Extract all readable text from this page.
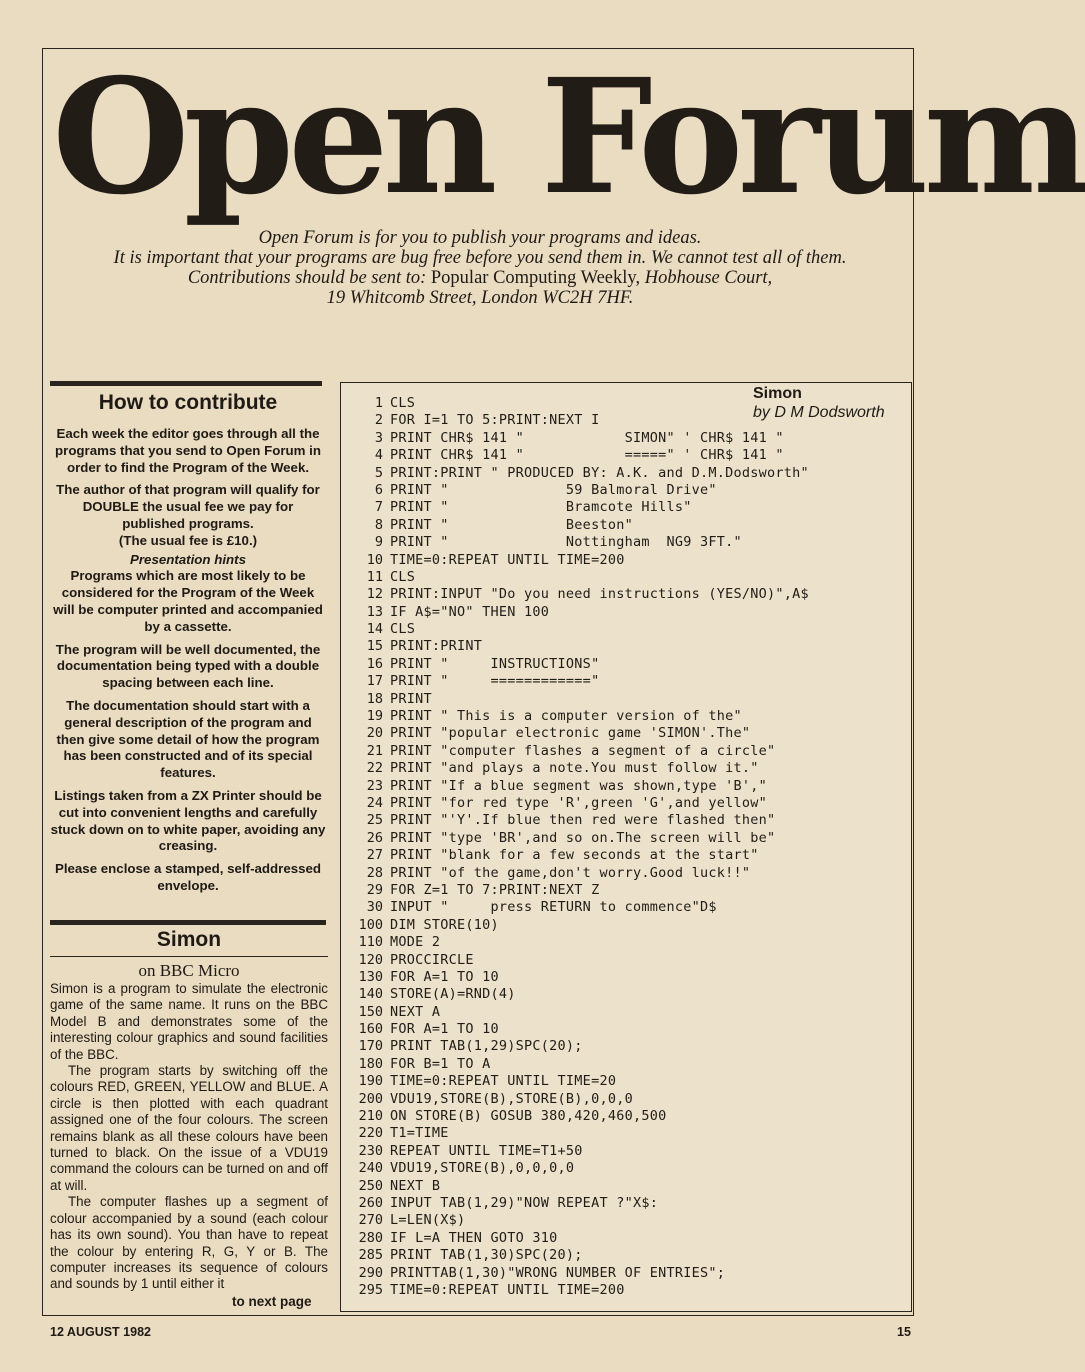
Open Forum
Open Forum is for you to publish your programs and ideas.
It is important that your programs are bug free before you send them in. We cannot test all of them.
Contributions should be sent to: Popular Computing Weekly, Hobhouse Court,
19 Whitcomb Street, London WC2H 7HF.
How to contribute

Each week the editor goes through all the programs that you send to Open Forum in order to find the Program of the Week.

The author of that program will qualify for DOUBLE the usual fee we pay for published programs.

(The usual fee is £10.)

Presentation hints

Programs which are most likely to be considered for the Program of the Week will be computer printed and accompanied by a cassette.

The program will be well documented, the documentation being typed with a double spacing between each line.

The documentation should start with a general description of the program and then give some detail of how the program has been constructed and of its special features.

Listings taken from a ZX Printer should be cut into convenient lengths and carefully stuck down on to white paper, avoiding any creasing.

Please enclose a stamped, self-addressed envelope.

Simon

on BBC Micro

Simon is a program to simulate the electronic game of the same name. It runs on the BBC Model B and demonstrates some of the interesting colour graphics and sound facilities of the BBC.

The program starts by switching off the colours RED, GREEN, YELLOW and BLUE. A circle is then plotted with each quadrant assigned one of the four colours. The screen remains blank as all these colours have been turned to black. On the issue of a VDU19 command the colours can be turned on and off at will.

The computer flashes up a segment of colour accompanied by a sound (each colour has its own sound). You than have to repeat the colour by entering R, G, Y or B. The computer increases its sequence of colours and sounds by 1 until either it

to next page
Simon
by D M Dodsworth
1 CLS
2 FOR I=1 TO 5:PRINT:NEXT I
3 PRINT CHR$ 141 "            SIMON" ' CHR$ 141 "
4 PRINT CHR$ 141 "            =====" ' CHR$ 141 "
5 PRINT:PRINT " PRODUCED BY: A.K. and D.M.Dodsworth"
6 PRINT "              59 Balmoral Drive"
7 PRINT "              Bramcote Hills"
8 PRINT "              Beeston"
9 PRINT "              Nottingham  NG9 3FT."
10 TIME=0:REPEAT UNTIL TIME=200
11 CLS
12 PRINT:INPUT "Do you need instructions (YES/NO)",A$
13 IF A$="NO" THEN 100
14 CLS
15 PRINT:PRINT
16 PRINT "     INSTRUCTIONS"
17 PRINT "     ============"
18 PRINT
19 PRINT " This is a computer version of the"
20 PRINT "popular electronic game 'SIMON'.The"
21 PRINT "computer flashes a segment of a circle"
22 PRINT "and plays a note.You must follow it."
23 PRINT "If a blue segment was shown,type 'B',"
24 PRINT "for red type 'R',green 'G',and yellow"
25 PRINT "'Y'.If blue then red were flashed then"
26 PRINT "type 'BR',and so on.The screen will be"
27 PRINT "blank for a few seconds at the start"
28 PRINT "of the game,don't worry.Good luck!!"
29 FOR Z=1 TO 7:PRINT:NEXT Z
30 INPUT "     press RETURN to commence"D$
100 DIM STORE(10)
110 MODE 2
120 PROCCIRCLE
130 FOR A=1 TO 10
140 STORE(A)=RND(4)
150 NEXT A
160 FOR A=1 TO 10
170 PRINT TAB(1,29)SPC(20);
180 FOR B=1 TO A
190 TIME=0:REPEAT UNTIL TIME=20
200 VDU19,STORE(B),STORE(B),0,0,0
210 ON STORE(B) GOSUB 380,420,460,500
220 T1=TIME
230 REPEAT UNTIL TIME=T1+50
240 VDU19,STORE(B),0,0,0,0
250 NEXT B
260 INPUT TAB(1,29)"NOW REPEAT ?"X$:
270 L=LEN(X$)
280 IF L=A THEN GOTO 310
285 PRINT TAB(1,30)SPC(20);
290 PRINTTAB(1,30)"WRONG NUMBER OF ENTRIES";
295 TIME=0:REPEAT UNTIL TIME=200
12 AUGUST 1982	15
